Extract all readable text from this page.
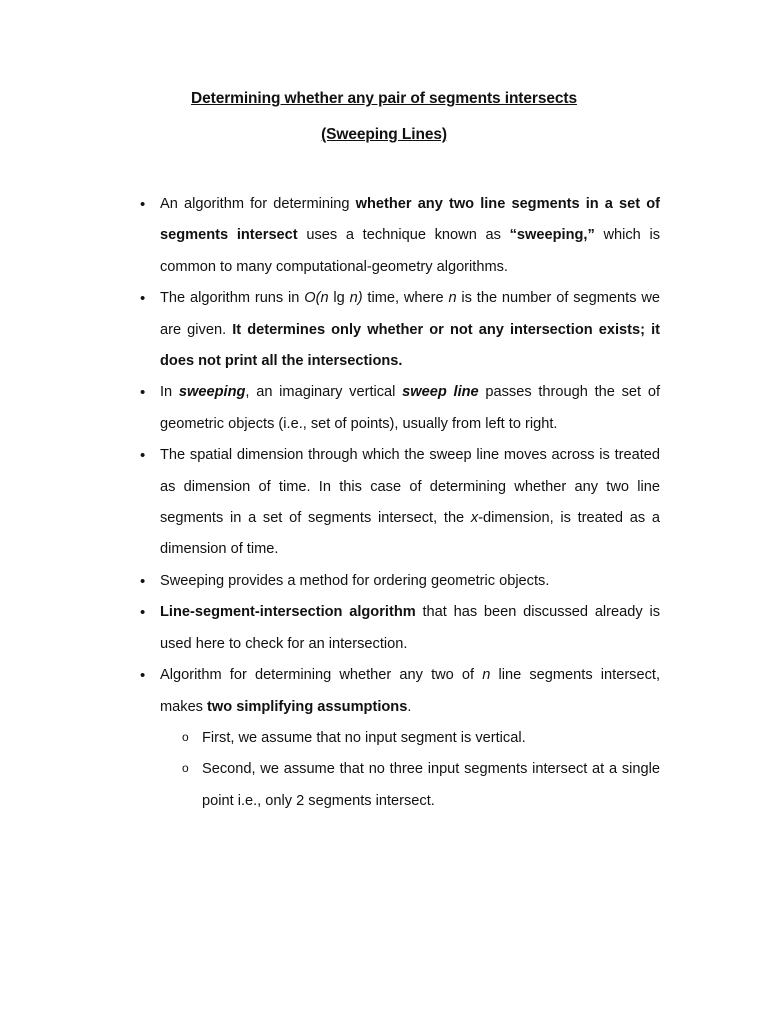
Determining whether any pair of segments intersects
(Sweeping Lines)
• An algorithm for determining whether any two line segments in a set of segments intersect uses a technique known as “sweeping,” which is common to many computational-geometry algorithms.
• The algorithm runs in O(n lg n) time, where n is the number of segments we are given. It determines only whether or not any intersection exists; it does not print all the intersections.
• In sweeping, an imaginary vertical sweep line passes through the set of geometric objects (i.e., set of points), usually from left to right.
• The spatial dimension through which the sweep line moves across is treated as dimension of time. In this case of determining whether any two line segments in a set of segments intersect, the x-dimension, is treated as a dimension of time.
• Sweeping provides a method for ordering geometric objects.
• Line-segment-intersection algorithm that has been discussed already is used here to check for an intersection.
• Algorithm for determining whether any two of n line segments intersect, makes two simplifying assumptions.
o First, we assume that no input segment is vertical.
o Second, we assume that no three input segments intersect at a single point i.e., only 2 segments intersect.
